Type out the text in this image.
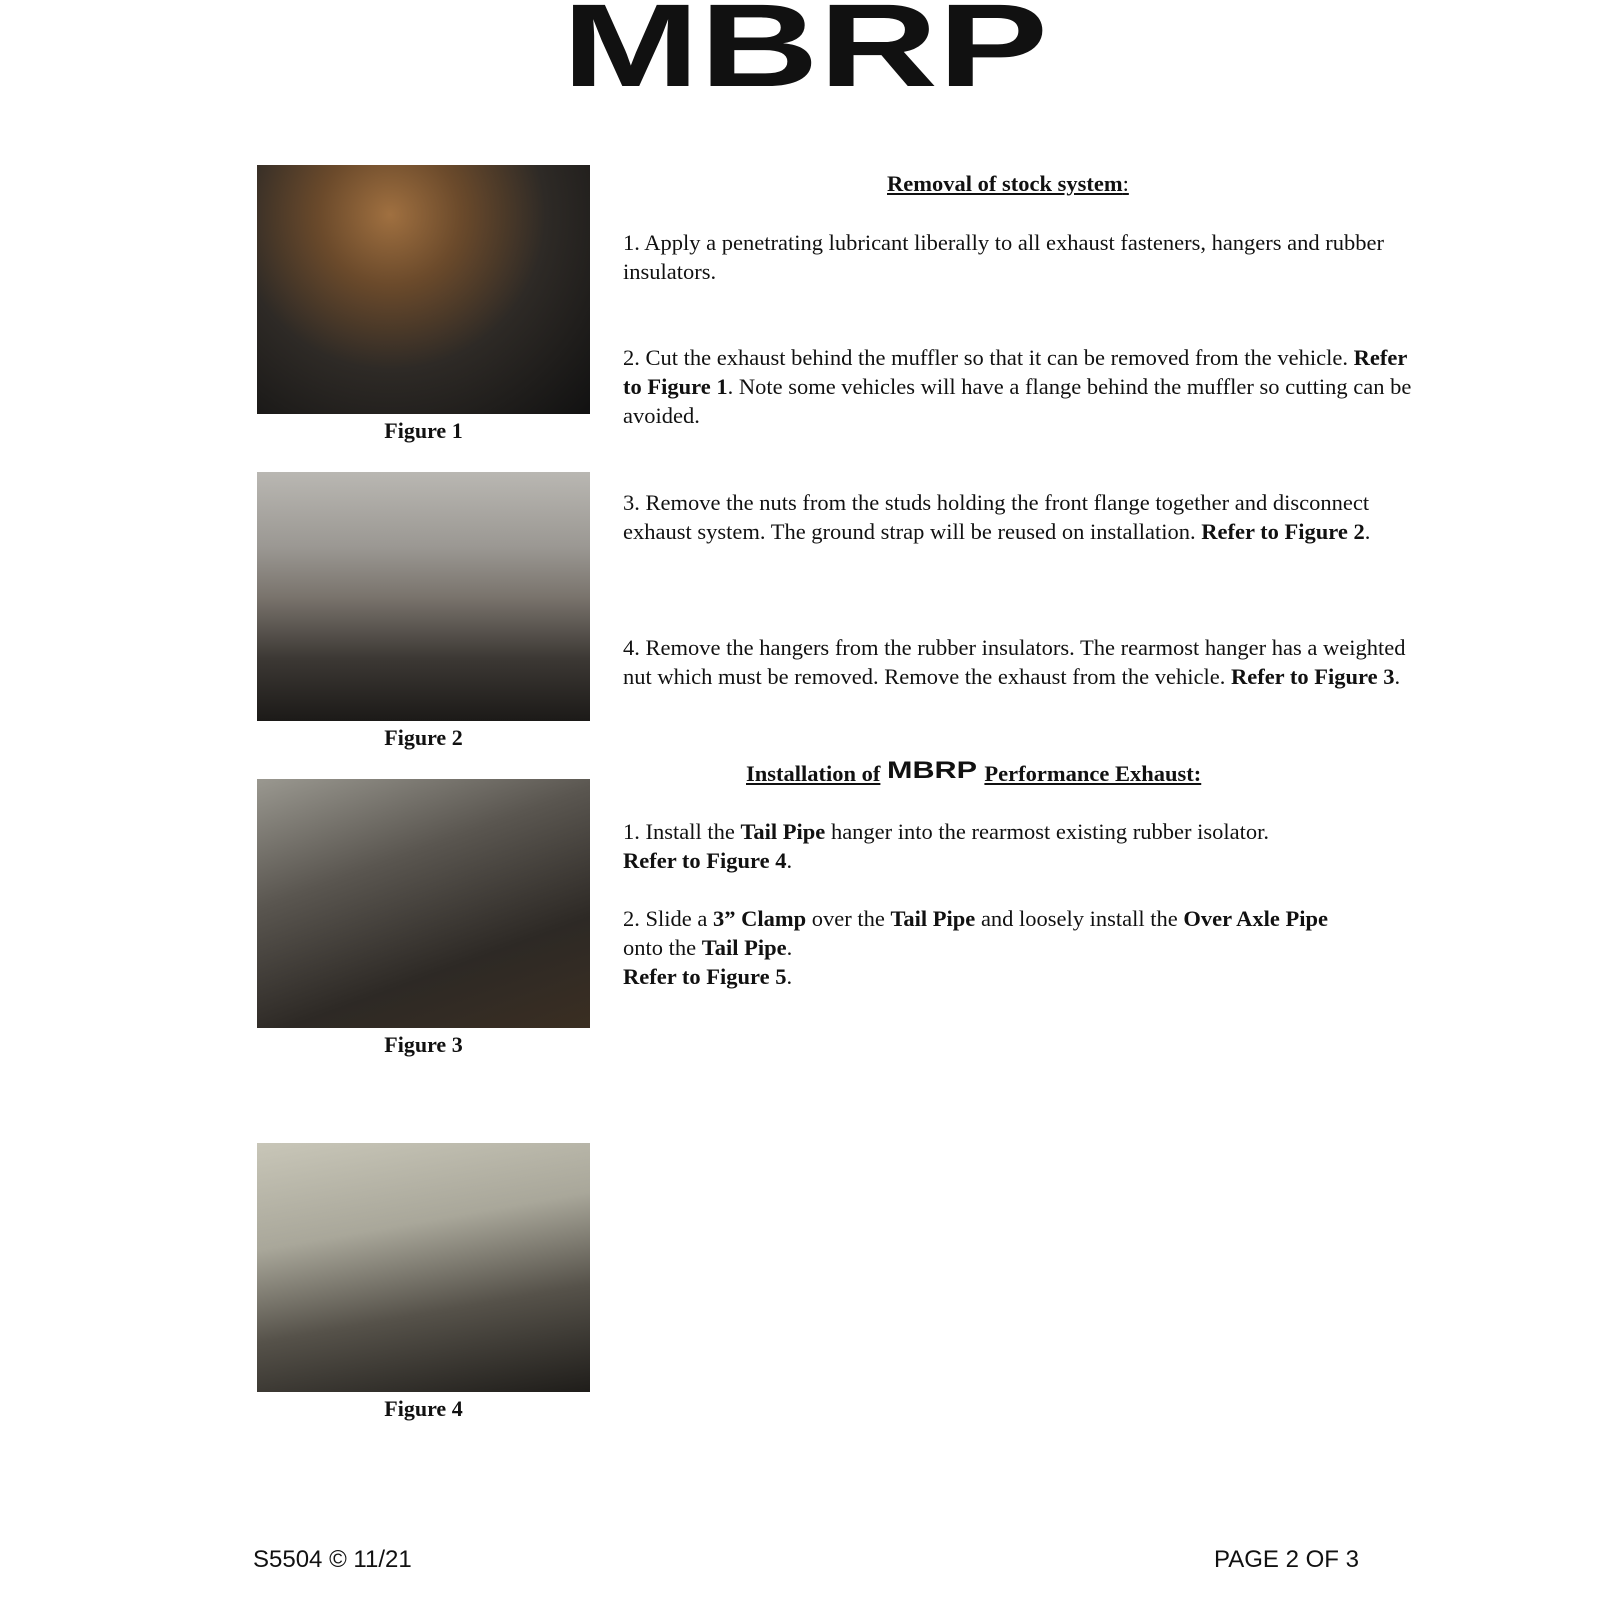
MBRP
Figure 1
Figure 2
Figure 3
Figure 4
Removal of stock system:
1. Apply a penetrating lubricant liberally to all exhaust fasteners, hangers and rubber insulators.
2. Cut the exhaust behind the muffler so that it can be removed from the vehicle. Refer to Figure 1. Note some vehicles will have a flange behind the muffler so cutting can be avoided.
3. Remove the nuts from the studs holding the front flange together and disconnect exhaust system. The ground strap will be reused on installation. Refer to Figure 2.
4. Remove the hangers from the rubber insulators. The rearmost hanger has a weighted nut which must be removed. Remove the exhaust from the vehicle. Refer to Figure 3.
Installation of MBRP Performance Exhaust:
1. Install the Tail Pipe hanger into the rearmost existing rubber isolator.
Refer to Figure 4.
2. Slide a 3” Clamp over the Tail Pipe and loosely install the Over Axle Pipe
onto the Tail Pipe.
Refer to Figure 5.
S5504 © 11/21	PAGE 2 OF 3
